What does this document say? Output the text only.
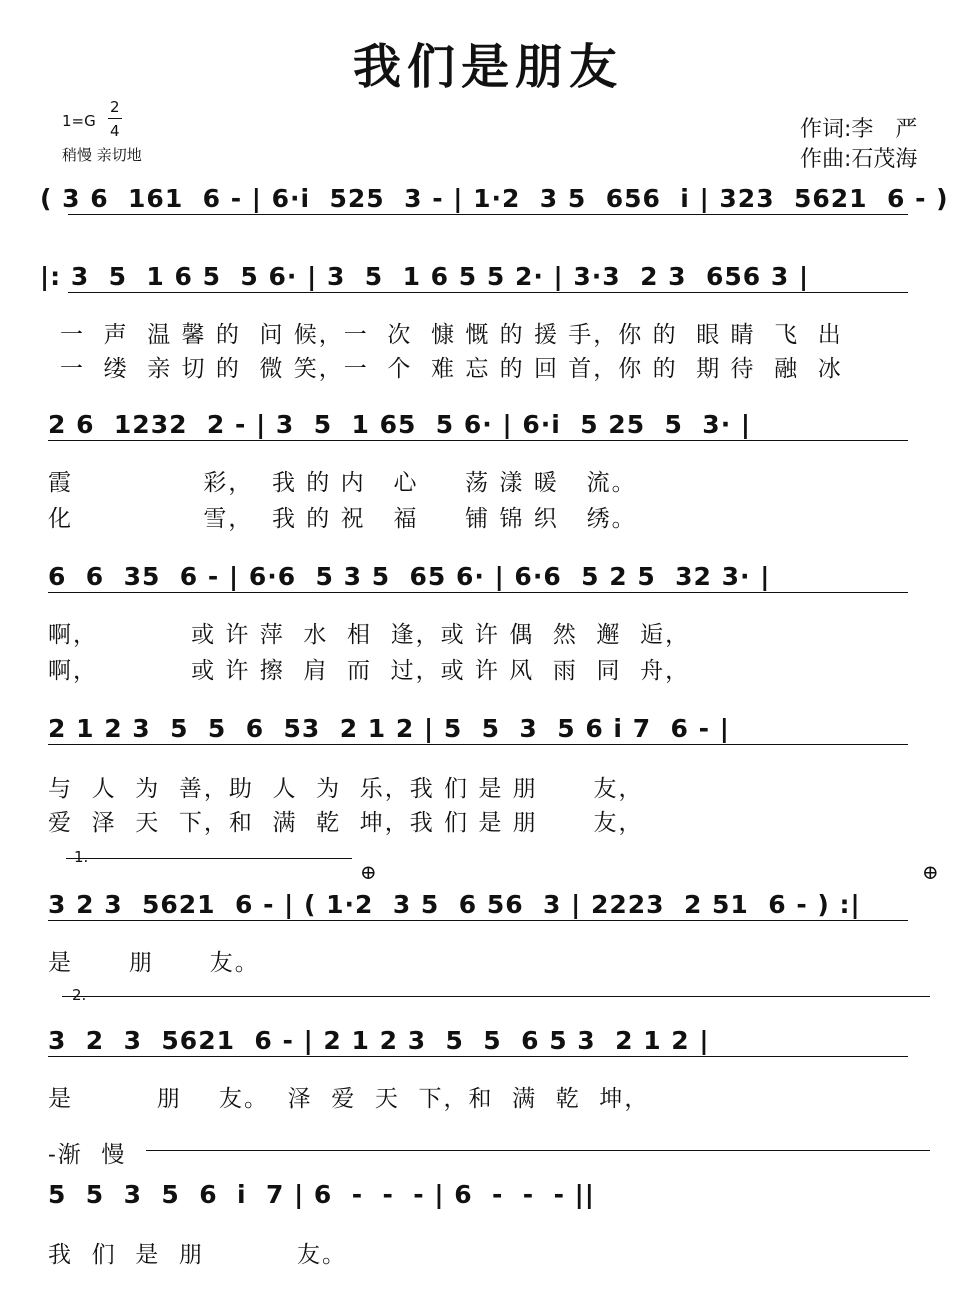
我们是朋友
1=G
2
4
稍慢 亲切地
作词:李　严
作曲:石茂海
( 3 6  161  6 - | 6·i  525  3 - | 1·2  3 5  656  i | 323  5621  6 - )
|: 3  5  1 6 5  5 6· | 3  5  1 6 5 5 2· | 3·3  2 3  656 3 |
一  声  温 馨 的  问 候，一  次  慷 慨 的 援 手，你 的  眼 睛  飞  出
一  缕  亲 切 的  微 笑，一  个  难 忘 的 回 首，你 的  期 待  融  冰
2 6  1232  2 - | 3  5  1 65  5 6· | 6·i  5 25  5  3· |
霞              彩，  我 的 内   心     荡 漾 暖   流。
化              雪，  我 的 祝   福     铺 锦 织   绣。
6  6  35  6 - | 6·6  5 3 5  65 6· | 6·6  5 2 5  32 3· |
啊，          或 许 萍  水  相  逢，或 许 偶  然  邂  逅，
啊，          或 许 擦  肩  而  过，或 许 风  雨  同  舟，
2 1 2 3  5  5  6  53  2 1 2 | 5  5  3  5 6 i 7  6 - |
与  人  为  善，助  人  为  乐，我 们 是 朋      友，
爱  泽  天  下，和  满  乾  坤，我 们 是 朋      友，
1.
3 2 3  5621  6 - | ( 1·2  3 5  6 56  3 | 2223  2 51  6 - ) :|
是      朋      友。
⊕	⊕
2.
3  2  3  5621  6 - | 2 1 2 3  5  5  6 5 3  2 1 2 |
是         朋    友。  泽  爱  天  下，和  满  乾  坤，
-渐  慢
5  5  3  5  6  i  7 | 6  -  -  - | 6  -  -  - ||
我  们  是  朋          友。
